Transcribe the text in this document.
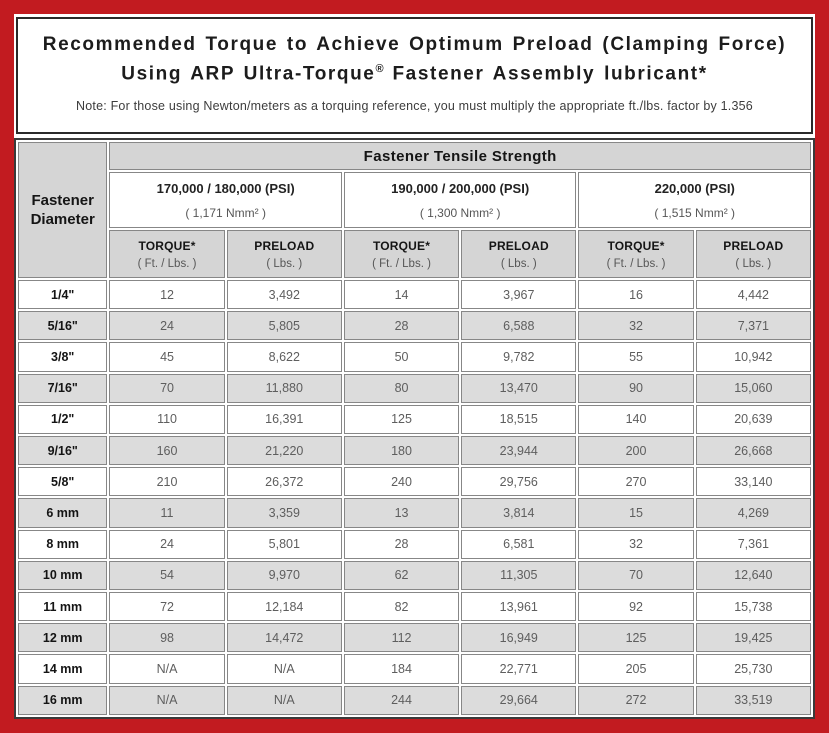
Recommended Torque to Achieve Optimum Preload (Clamping Force)
Using ARP Ultra-Torque® Fastener Assembly lubricant*
Note: For those using Newton/meters as a torquing reference, you must multiply the appropriate ft./lbs. factor by 1.356
Fastener
Diameter	Fastener Tensile Strength					

170,000 / 180,000 (PSI)
( 1,171 Nmm² )

190,000 / 200,000 (PSI)
( 1,300 Nmm² )

220,000 (PSI)
( 1,515 Nmm² )

TORQUE*
( Ft. / Lbs. )

PRELOAD
( Lbs. )

TORQUE*
( Ft. / Lbs. )

PRELOAD
( Lbs. )

TORQUE*
( Ft. / Lbs. )

PRELOAD
( Lbs. )

1/4"	12	3,492	14	3,967	16	4,442
5/16"	24	5,805	28	6,588	32	7,371
3/8"	45	8,622	50	9,782	55	10,942
7/16"	70	11,880	80	13,470	90	15,060
1/2"	110	16,391	125	18,515	140	20,639
9/16"	160	21,220	180	23,944	200	26,668
5/8"	210	26,372	240	29,756	270	33,140
6 mm	11	3,359	13	3,814	15	4,269
8 mm	24	5,801	28	6,581	32	7,361
10 mm	54	9,970	62	11,305	70	12,640
11 mm	72	12,184	82	13,961	92	15,738
12 mm	98	14,472	112	16,949	125	19,425
14 mm	N/A	N/A	184	22,771	205	25,730
16 mm	N/A	N/A	244	29,664	272	33,519
